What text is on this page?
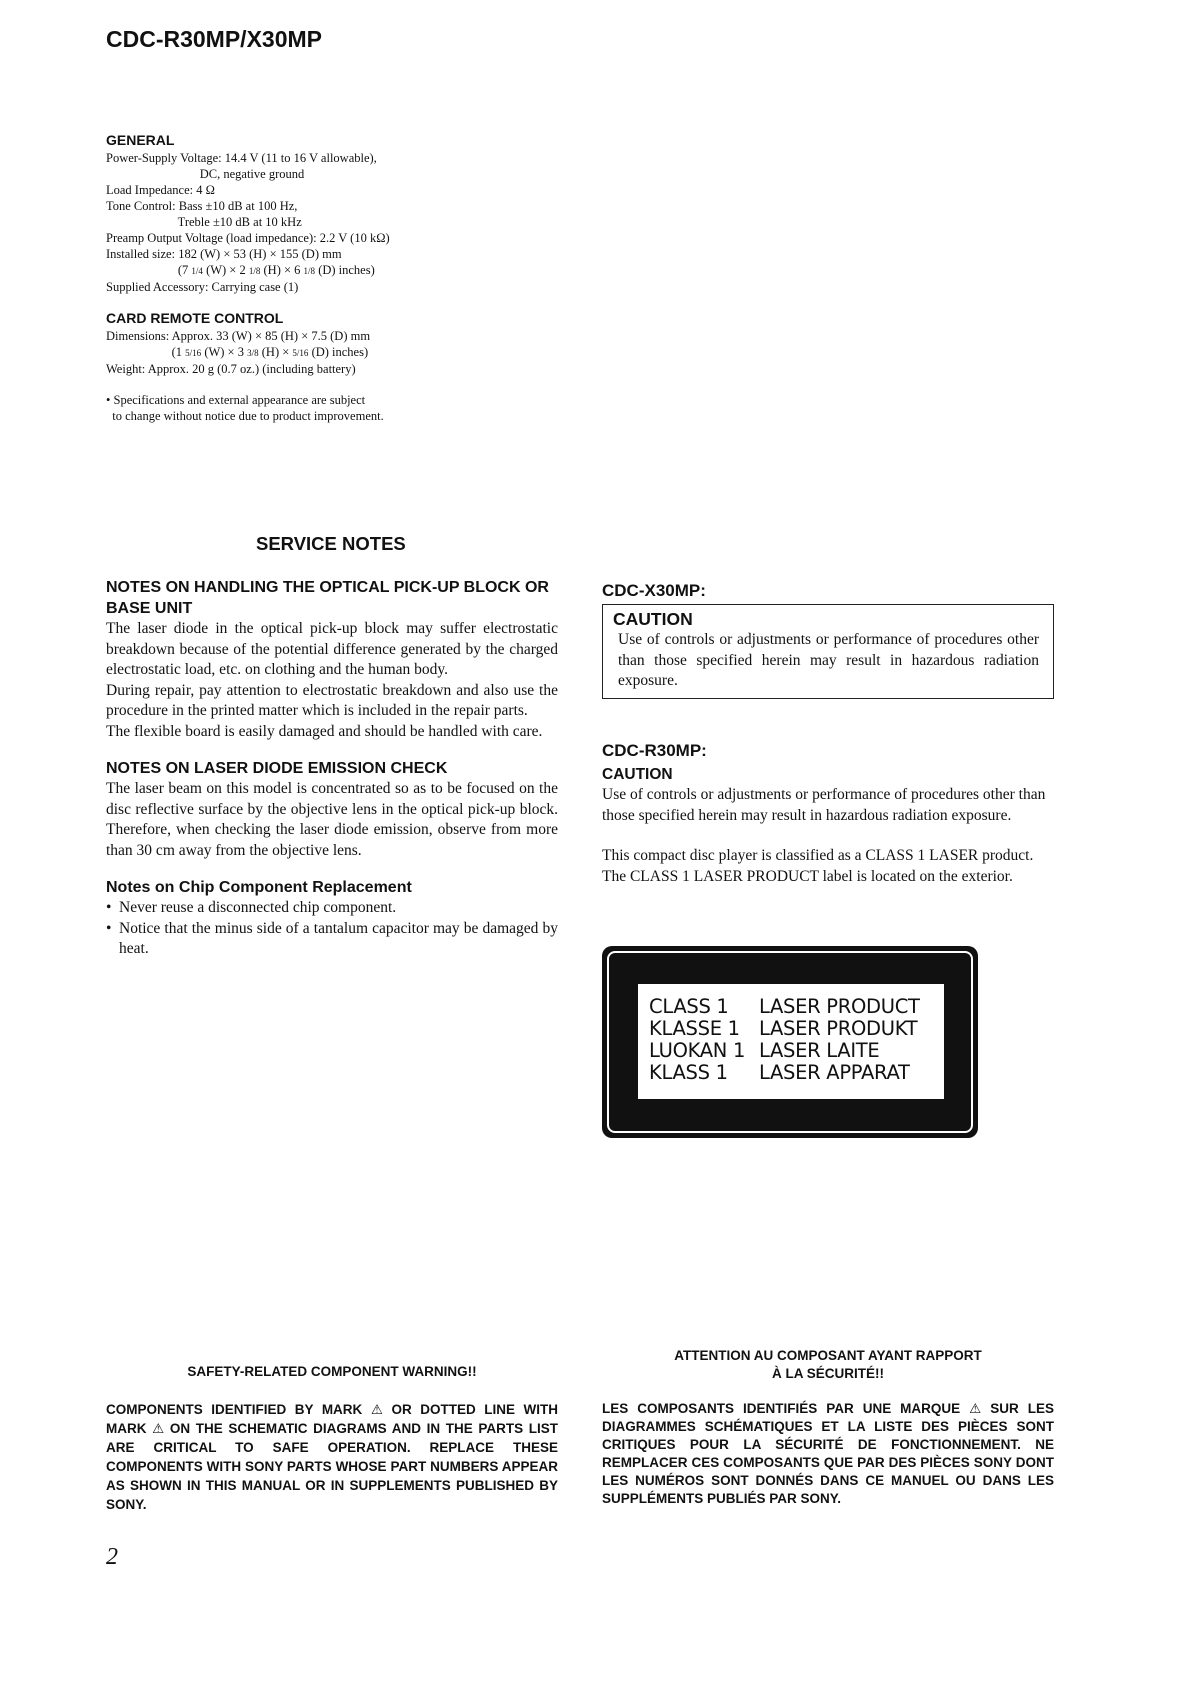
CDC-R30MP/X30MP
GENERAL
Power-Supply Voltage: 14.4 V (11 to 16 V allowable),
DC, negative ground
Load Impedance: 4 Ω
Tone Control: Bass ±10 dB at 100 Hz,
Treble ±10 dB at 10 kHz
Preamp Output Voltage (load impedance): 2.2 V (10 kΩ)
Installed size: 182 (W) × 53 (H) × 155 (D) mm
(7 1/4 (W) × 2 1/8 (H) × 6 1/8 (D) inches)
Supplied Accessory: Carrying case (1)
CARD REMOTE CONTROL
Dimensions: Approx. 33 (W) × 85 (H) × 7.5 (D) mm
(1 5/16 (W) × 3 3/8 (H) × 5/16 (D) inches)
Weight: Approx. 20 g (0.7 oz.) (including battery)
• Specifications and external appearance are subject
to change without notice due to product improvement.
SERVICE NOTES
NOTES ON HANDLING THE OPTICAL PICK-UP BLOCK OR BASE UNIT

The laser diode in the optical pick-up block may suffer electrostatic breakdown because of the potential difference generated by the charged electrostatic load, etc. on clothing and the human body.

During repair, pay attention to electrostatic breakdown and also use the procedure in the printed matter which is included in the repair parts.

The flexible board is easily damaged and should be handled with care.

NOTES ON LASER DIODE EMISSION CHECK

The laser beam on this model is concentrated so as to be focused on the disc reflective surface by the objective lens in the optical pick-up block. Therefore, when checking the laser diode emission, observe from more than 30 cm away from the objective lens.

Notes on Chip Component Replacement
• Never reuse a disconnected chip component.
• Notice that the minus side of a tantalum capacitor may be damaged by heat.
CDC-X30MP:
CAUTION

Use of controls or adjustments or performance of procedures other than those specified herein may result in hazardous radiation exposure.

CDC-R30MP:
CAUTION

Use of controls or adjustments or performance of procedures other than those specified herein may result in hazardous radiation exposure.

This compact disc player is classified as a CLASS 1 LASER product. The CLASS 1 LASER PRODUCT label is located on the exterior.

CLASS 1 LASER PRODUCT
KLASSE 1 LASER PRODUKT
LUOKAN 1 LASER LAITE
KLASS 1 LASER APPARAT
SAFETY-RELATED COMPONENT WARNING!!
COMPONENTS IDENTIFIED BY MARK ⚠ OR DOTTED LINE WITH MARK ⚠ ON THE SCHEMATIC DIAGRAMS AND IN THE PARTS LIST ARE CRITICAL TO SAFE OPERATION. REPLACE THESE COMPONENTS WITH SONY PARTS WHOSE PART NUMBERS APPEAR AS SHOWN IN THIS MANUAL OR IN SUPPLEMENTS PUBLISHED BY SONY.
ATTENTION AU COMPOSANT AYANT RAPPORT
À LA SÉCURITÉ!!
LES COMPOSANTS IDENTIFIÉS PAR UNE MARQUE ⚠ SUR LES DIAGRAMMES SCHÉMATIQUES ET LA LISTE DES PIÈCES SONT CRITIQUES POUR LA SÉCURITÉ DE FONCTIONNEMENT. NE REMPLACER CES COMPOSANTS QUE PAR DES PIÈCES SONY DONT LES NUMÉROS SONT DONNÉS DANS CE MANUEL OU DANS LES SUPPLÉMENTS PUBLIÉS PAR SONY.
2
